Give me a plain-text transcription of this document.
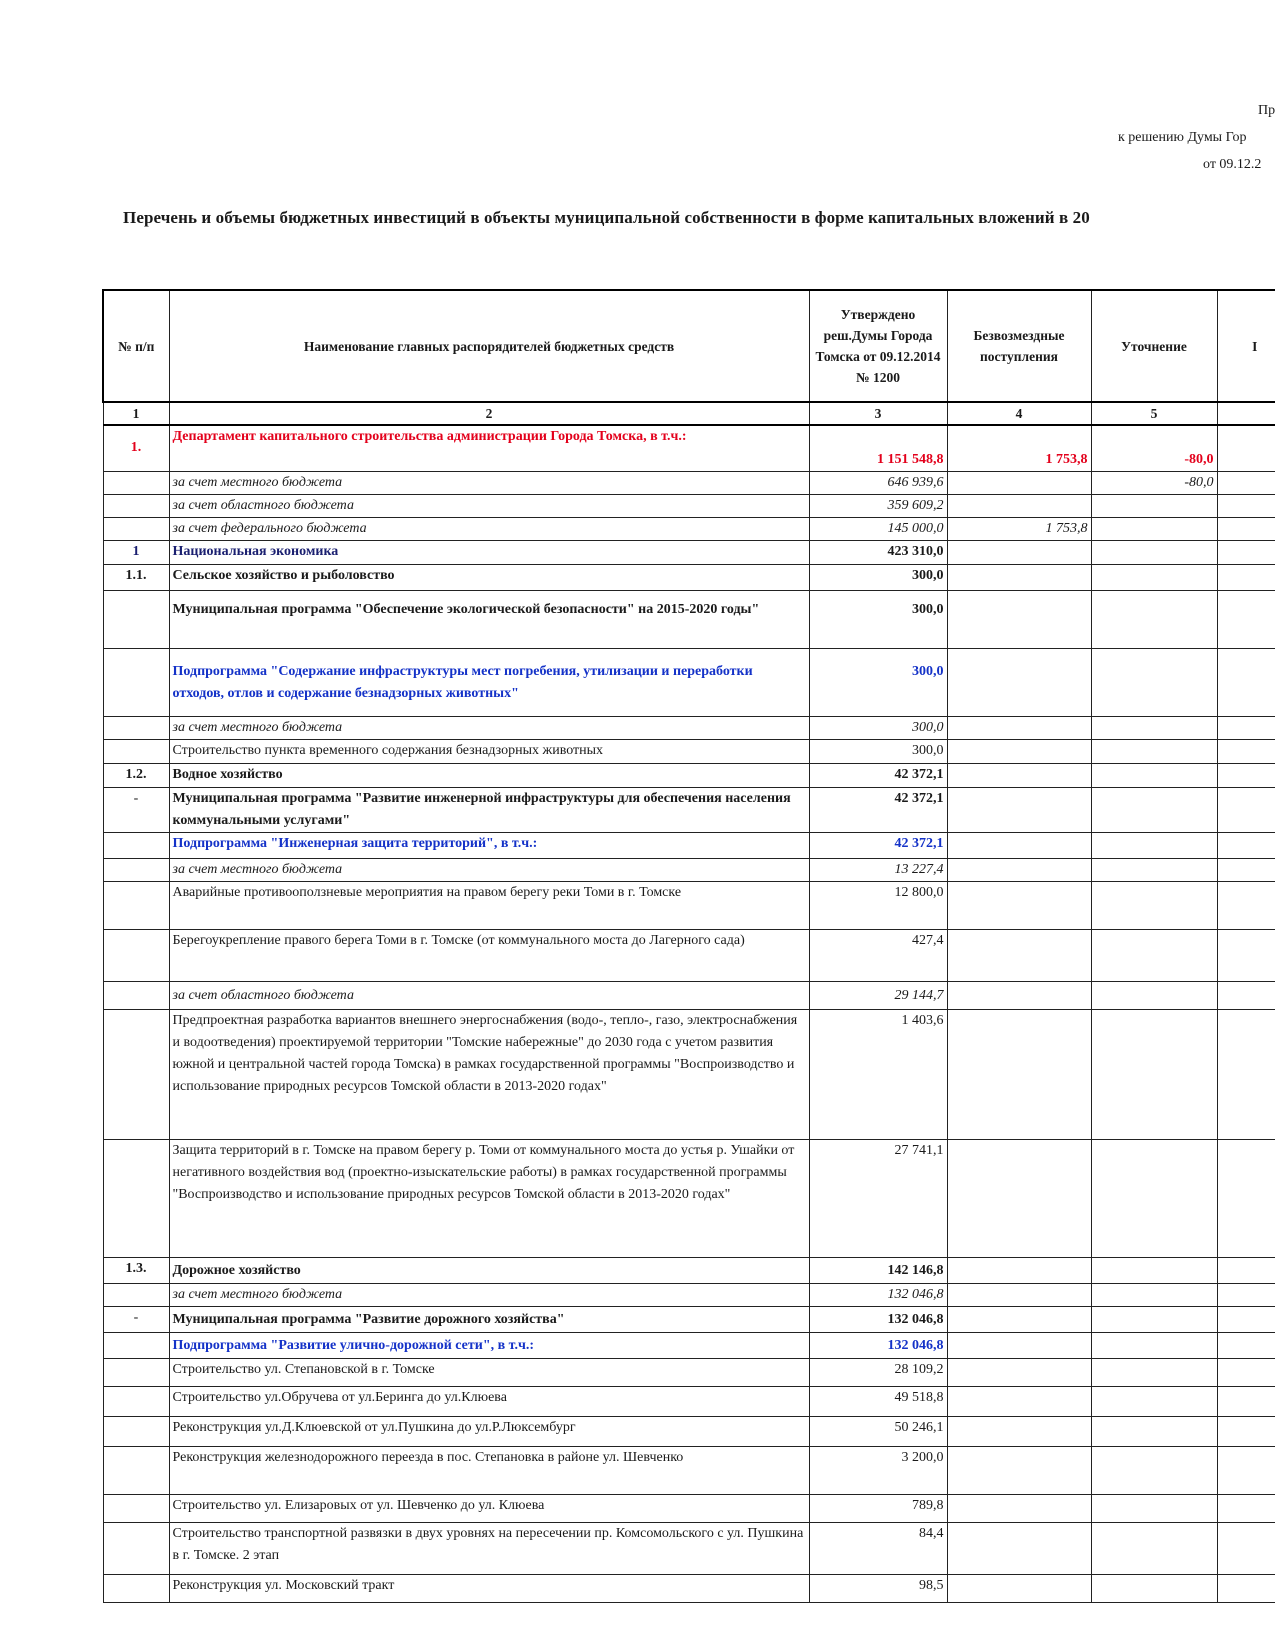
Пр
к решению Думы Гор
от 09.12.2
Перечень и объемы бюджетных инвестиций в объекты муниципальной собственности в форме капитальных вложений в 20
№ п/п	Наименование главных распорядителей бюджетных средств	Утверждено реш.Думы Города Томска от 09.12.2014 № 1200	Безвозмездные поступления	Уточнение	I
1	2	3	4	5	
1.	Департамент капитального строительства администрации Города Томска, в т.ч.:	1 151 548,8	1 753,8	-80,0	
	за счет местного бюджета	646 939,6		-80,0	
	за счет областного бюджета	359 609,2			
	за счет федерального бюджета	145 000,0	1 753,8		
1	Национальная экономика	423 310,0			
1.1.	Сельское хозяйство и рыболовство	300,0			
	Муниципальная программа "Обеспечение экологической безопасности" на 2015-2020 годы"	300,0			
	Подпрограмма "Содержание инфраструктуры мест погребения, утилизации и переработки отходов, отлов и содержание безнадзорных животных"	300,0			
	за счет местного бюджета	300,0			
	Строительство пункта временного содержания безнадзорных животных	300,0			
1.2.	Водное хозяйство	42 372,1			
-	Муниципальная программа "Развитие инженерной инфраструктуры для обеспечения населения коммунальными услугами"	42 372,1			
	Подпрограмма "Инженерная защита территорий", в т.ч.:	42 372,1			
	за счет местного бюджета	13 227,4			
	Аварийные противооползневые мероприятия на правом берегу реки Томи в г. Томске	12 800,0			
	Берегоукрепление правого берега Томи в г. Томске (от коммунального моста до Лагерного сада)	427,4			
	за счет областного бюджета	29 144,7			
	Предпроектная разработка вариантов внешнего энергоснабжения (водо-, тепло-, газо, электроснабжения и водоотведения) проектируемой территории "Томские набережные" до 2030 года с учетом развития южной и центральной частей города Томска) в рамках государственной программы "Воспроизводство и использование природных ресурсов Томской области в 2013-2020 годах"	1 403,6			
	Защита территорий в г. Томске на правом берегу р. Томи от коммунального моста до устья р. Ушайки от негативного воздействия вод (проектно-изыскательские работы) в рамках государственной программы "Воспроизводство и использование природных ресурсов Томской области в 2013-2020 годах"	27 741,1			
1.3.	Дорожное хозяйство	142 146,8			
	за счет местного бюджета	132 046,8			
-	Муниципальная программа "Развитие дорожного хозяйства"	132 046,8			
	Подпрограмма "Развитие улично-дорожной сети", в т.ч.:	132 046,8			
	Строительство ул. Степановской в г. Томске	28 109,2			
	Строительство ул.Обручева от ул.Беринга до ул.Клюева	49 518,8			
	Реконструкция ул.Д.Клюевской от ул.Пушкина до ул.Р.Люксембург	50 246,1			
	Реконструкция железнодорожного переезда в пос. Степановка в районе ул. Шевченко	3 200,0			
	Строительство ул. Елизаровых от ул. Шевченко до ул. Клюева	789,8			
	Строительство транспортной развязки в двух уровнях на пересечении пр. Комсомольского с ул. Пушкина в г. Томске. 2 этап	84,4			
	Реконструкция ул. Московский тракт	98,5			
